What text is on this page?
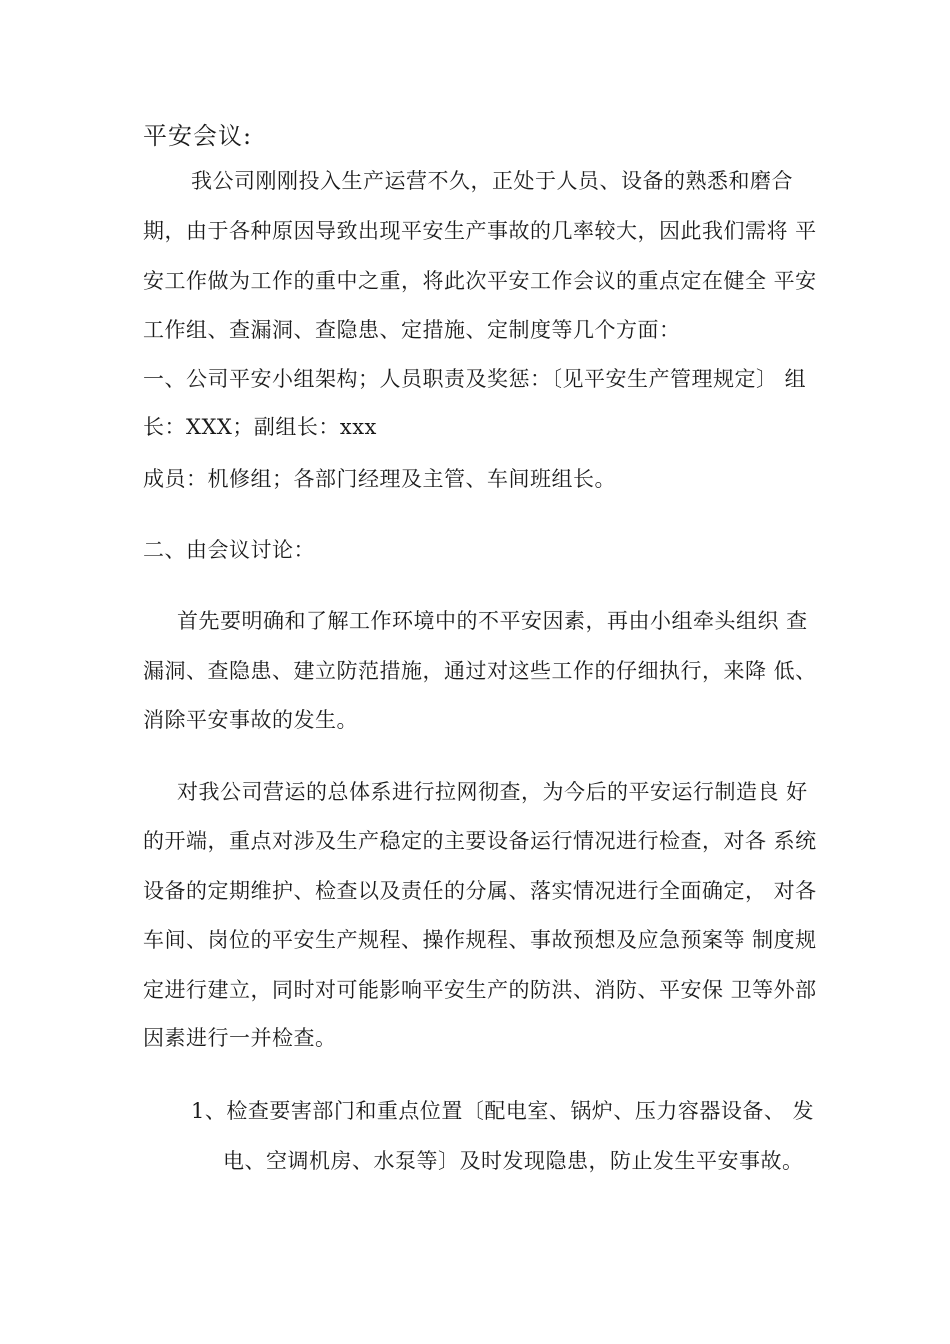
平安会议:
我公司刚刚投入生产运营不久，正处于人员、设备的熟悉和磨合
期，由于各种原因导致出现平安生产事故的几率较大，因此我们需将 平
安工作做为工作的重中之重，将此次平安工作会议的重点定在健全 平安
工作组、查漏洞、查隐患、定措施、定制度等几个方面：
一、公司平安小组架构；人员职责及奖惩：〔见平安生产管理规定〕 组
长：XXX；副组长：xxx
成员：机修组；各部门经理及主管、车间班组长。
二、由会议讨论：
首先要明确和了解工作环境中的不平安因素，再由小组牵头组织 查
漏洞、查隐患、建立防范措施，通过对这些工作的仔细执行，来降 低、
消除平安事故的发生。
对我公司营运的总体系进行拉网彻查，为今后的平安运行制造良 好
的开端，重点对涉及生产稳定的主要设备运行情况进行检查，对各 系统
设备的定期维护、检查以及责任的分属、落实情况进行全面确定， 对各
车间、岗位的平安生产规程、操作规程、事故预想及应急预案等 制度规
定进行建立，同时对可能影响平安生产的防洪、消防、平安保 卫等外部
因素进行一并检查。
1、检查要害部门和重点位置〔配电室、锅炉、压力容器设备、 发
电、空调机房、水泵等〕及时发现隐患，防止发生平安事故。
